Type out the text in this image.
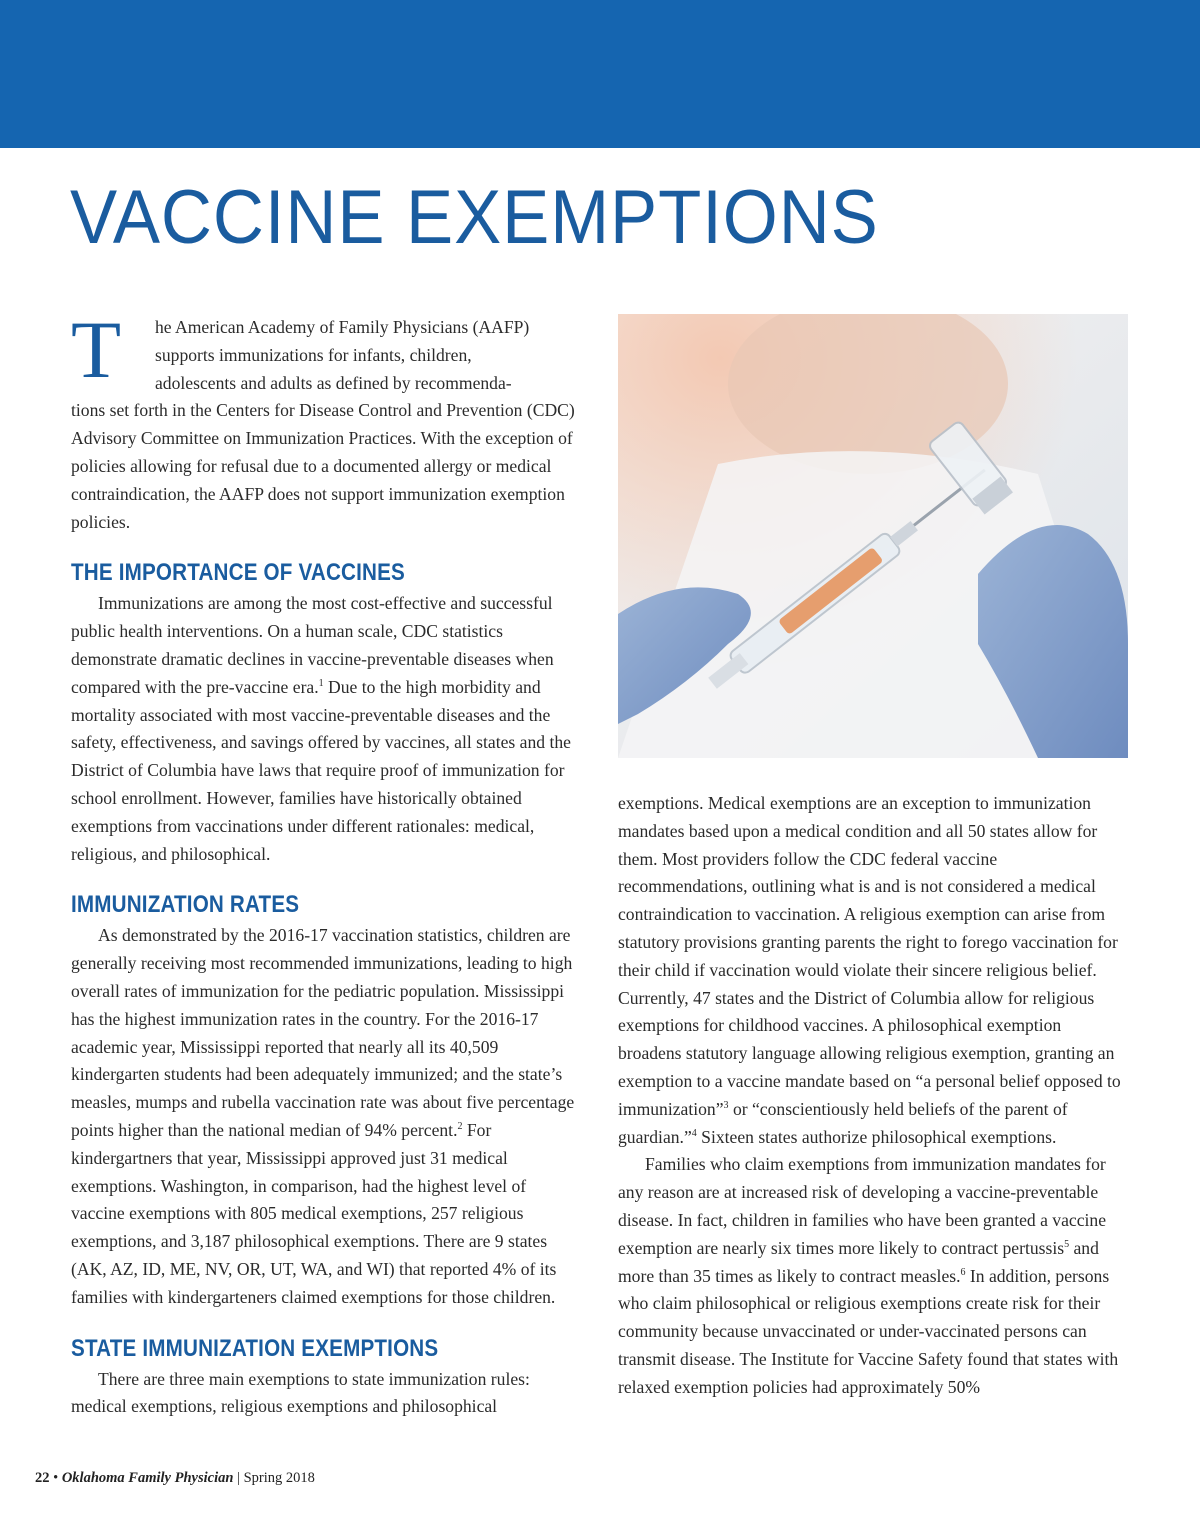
VACCINE EXEMPTIONS

T	he American Academy of Family Physicians (AAFP)
supports immunizations for infants, children,
adolescents and adults as defined by recommenda-
tions set forth in the Centers for Disease Control and Prevention (CDC) Advisory Committee on Immunization Practices. With the exception of policies allowing for refusal due to a documented allergy or medical contraindication, the AAFP does not support immunization exemption policies.

THE IMPORTANCE OF VACCINES

Immunizations are among the most cost-effective and successful public health interventions. On a human scale, CDC statistics demonstrate dramatic declines in vaccine-preventable diseases when compared with the pre-vaccine era.$^1$ Due to the high morbidity and mortality associated with most vaccine-preventable diseases and the safety, effectiveness, and savings offered by vaccines, all states and the District of Columbia have laws that require proof of immunization for school enrollment. However, families have historically obtained exemptions from vaccinations under different rationales: medical, religious, and philosophical.

IMMUNIZATION RATES

As demonstrated by the 2016-17 vaccination statistics, children are generally receiving most recommended immunizations, leading to high overall rates of immunization for the pediatric population. Mississippi has the highest immunization rates in the country. For the 2016-17 academic year, Mississippi reported that nearly all its 40,509 kindergarten students had been adequately immunized; and the state’s measles, mumps and rubella vaccination rate was about five percentage points higher than the national median of 94% percent.$^2$ For kindergartners that year, Mississippi approved just 31 medical exemptions. Washington, in comparison, had the highest level of vaccine exemptions with 805 medical exemptions, 257 religious exemptions, and 3,187 philosophical exemptions. There are 9 states (AK, AZ, ID, ME, NV, OR, UT, WA, and WI) that reported 4% of its families with kindergarteners claimed exemptions for those children.

STATE IMMUNIZATION EXEMPTIONS

There are three main exemptions to state immunization rules: medical exemptions, religious exemptions and philosophical

exemptions. Medical exemptions are an exception to immunization mandates based upon a medical condition and all 50 states allow for them. Most providers follow the CDC federal vaccine recommendations, outlining what is and is not considered a medical contraindication to vaccination. A religious exemption can arise from statutory provisions granting parents the right to forego vaccination for their child if vaccination would violate their sincere religious belief. Currently, 47 states and the District of Columbia allow for religious exemptions for childhood vaccines. A philosophical exemption broadens statutory language allowing religious exemption, granting an exemption to a vaccine mandate based on “a personal belief opposed to immunization”$^3$ or “conscientiously held beliefs of the parent of guardian.”$^4$ Sixteen states authorize philosophical exemptions.

Families who claim exemptions from immunization mandates for any reason are at increased risk of developing a vaccine-preventable disease. In fact, children in families who have been granted a vaccine exemption are nearly six times more likely to contract pertussis$^5$ and more than 35 times as likely to contract measles.$^6$ In addition, persons who claim philosophical or religious exemptions create risk for their community because unvaccinated or under-vaccinated persons can transmit disease. The Institute for Vaccine Safety found that states with relaxed exemption policies had approximately 50%

22 • Oklahoma Family Physician | Spring 2018
